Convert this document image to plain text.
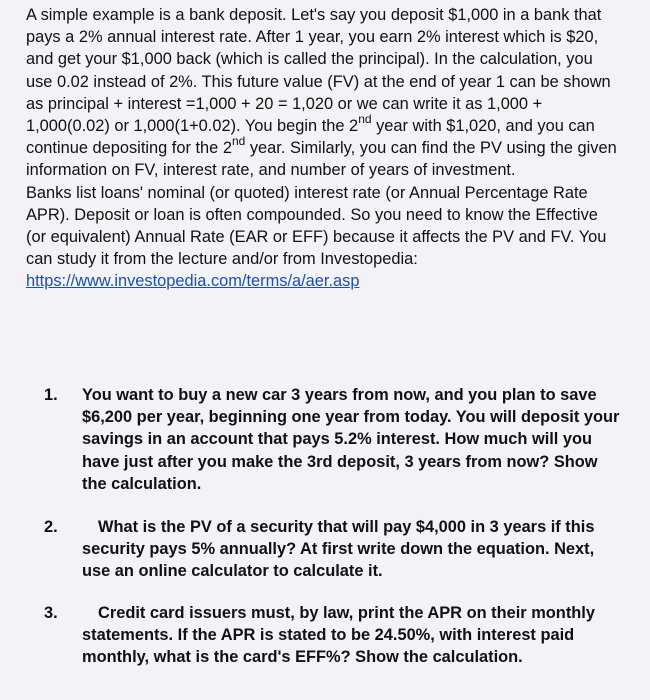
A simple example is a bank deposit. Let's say you deposit $1,000 in a bank that pays a 2% annual interest rate. After 1 year, you earn 2% interest which is $20, and get your $1,000 back (which is called the principal). In the calculation, you use 0.02 instead of 2%. This future value (FV) at the end of year 1 can be shown as principal + interest =1,000 + 20 = 1,020 or we can write it as 1,000 + 1,000(0.02) or 1,000(1+0.02). You begin the 2nd year with $1,020, and you can continue depositing for the 2nd year. Similarly, you can find the PV using the given information on FV, interest rate, and number of years of investment.

Banks list loans' nominal (or quoted) interest rate (or Annual Percentage Rate APR). Deposit or loan is often compounded. So you need to know the Effective (or equivalent) Annual Rate (EAR or EFF) because it affects the PV and FV. You can study it from the lecture and/or from Investopedia: https://www.investopedia.com/terms/a/aer.asp

1. You want to buy a new car 3 years from now, and you plan to save $6,200 per year, beginning one year from today. You will deposit your savings in an account that pays 5.2% interest. How much will you have just after you make the 3rd deposit, 3 years from now? Show the calculation.
2.	What is the PV of a security that will pay $4,000 in 3 years if this security pays 5% annually? At first write down the equation. Next, use an online calculator to calculate it.
3.	Credit card issuers must, by law, print the APR on their monthly statements. If the APR is stated to be 24.50%, with interest paid monthly, what is the card's EFF%? Show the calculation.
